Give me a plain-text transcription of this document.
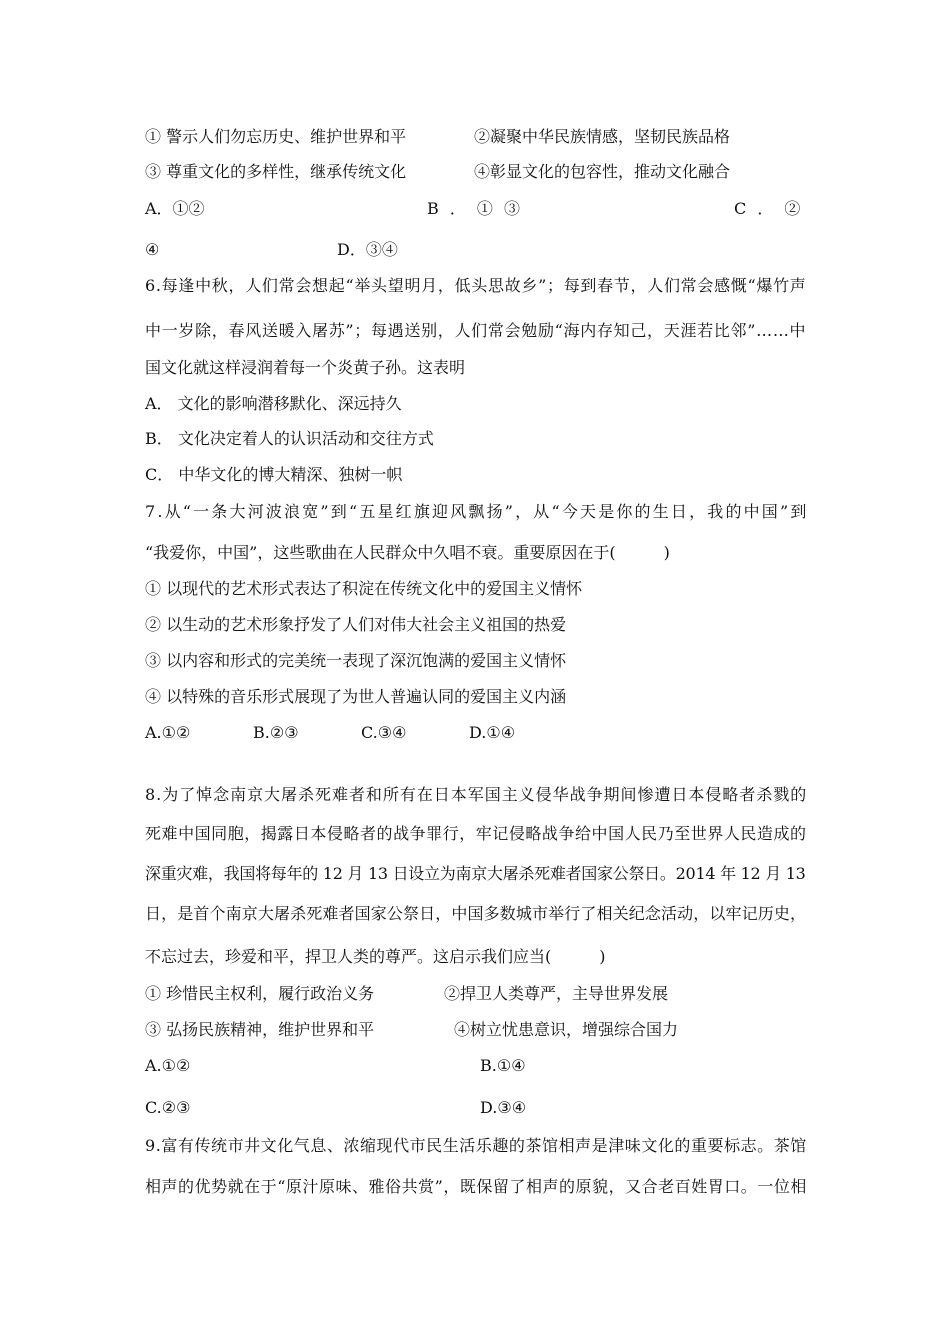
① 警示人们勿忘历史、维护世界和平	②凝聚中华民族情感，坚韧民族品格
③ 尊重文化的多样性，继承传统文化	④彰显文化的包容性，推动文化融合
A．①②	B ． ① ③	C ． ②
④	D．③④
6.每逢中秋，人们常会想起“举头望明月，低头思故乡”；每到春节，人们常会感慨“爆竹声
中一岁除，春风送暖入屠苏”；每遇送别，人们常会勉励“海内存知己，天涯若比邻”……中
国文化就这样浸润着每一个炎黄子孙。这表明
A． 文化的影响潜移默化、深远持久
B． 文化决定着人的认识活动和交往方式
C． 中华文化的博大精深、独树一帜
7.从“一条大河波浪宽”到“五星红旗迎风飘扬”，从“今天是你的生日，我的中国”到
“我爱你，中国”，这些歌曲在人民群众中久唱不衰。重要原因在于(　　　)
① 以现代的艺术形式表达了积淀在传统文化中的爱国主义情怀
② 以生动的艺术形象抒发了人们对伟大社会主义祖国的热爱
③ 以内容和形式的完美统一表现了深沉饱满的爱国主义情怀
④ 以特殊的音乐形式展现了为世人普遍认同的爱国主义内涵
A.①②	B.②③	C.③④	D.①④
8.为了悼念南京大屠杀死难者和所有在日本军国主义侵华战争期间惨遭日本侵略者杀戮的
死难中国同胞，揭露日本侵略者的战争罪行，牢记侵略战争给中国人民乃至世界人民造成的
深重灾难，我国将每年的 12 月 13 日设立为南京大屠杀死难者国家公祭日。2014 年 12 月 13
日，是首个南京大屠杀死难者国家公祭日，中国多数城市举行了相关纪念活动，以牢记历史，
不忘过去，珍爱和平，捍卫人类的尊严。这启示我们应当(　　　)
① 珍惜民主权利，履行政治义务	②捍卫人类尊严，主导世界发展
③ 弘扬民族精神，维护世界和平	④树立忧患意识，增强综合国力
A.①②	B.①④
C.②③	D.③④
9.富有传统市井文化气息、浓缩现代市民生活乐趣的茶馆相声是津味文化的重要标志。茶馆
相声的优势就在于“原汁原味、雅俗共赏”，既保留了相声的原貌，又合老百姓胃口。一位相
